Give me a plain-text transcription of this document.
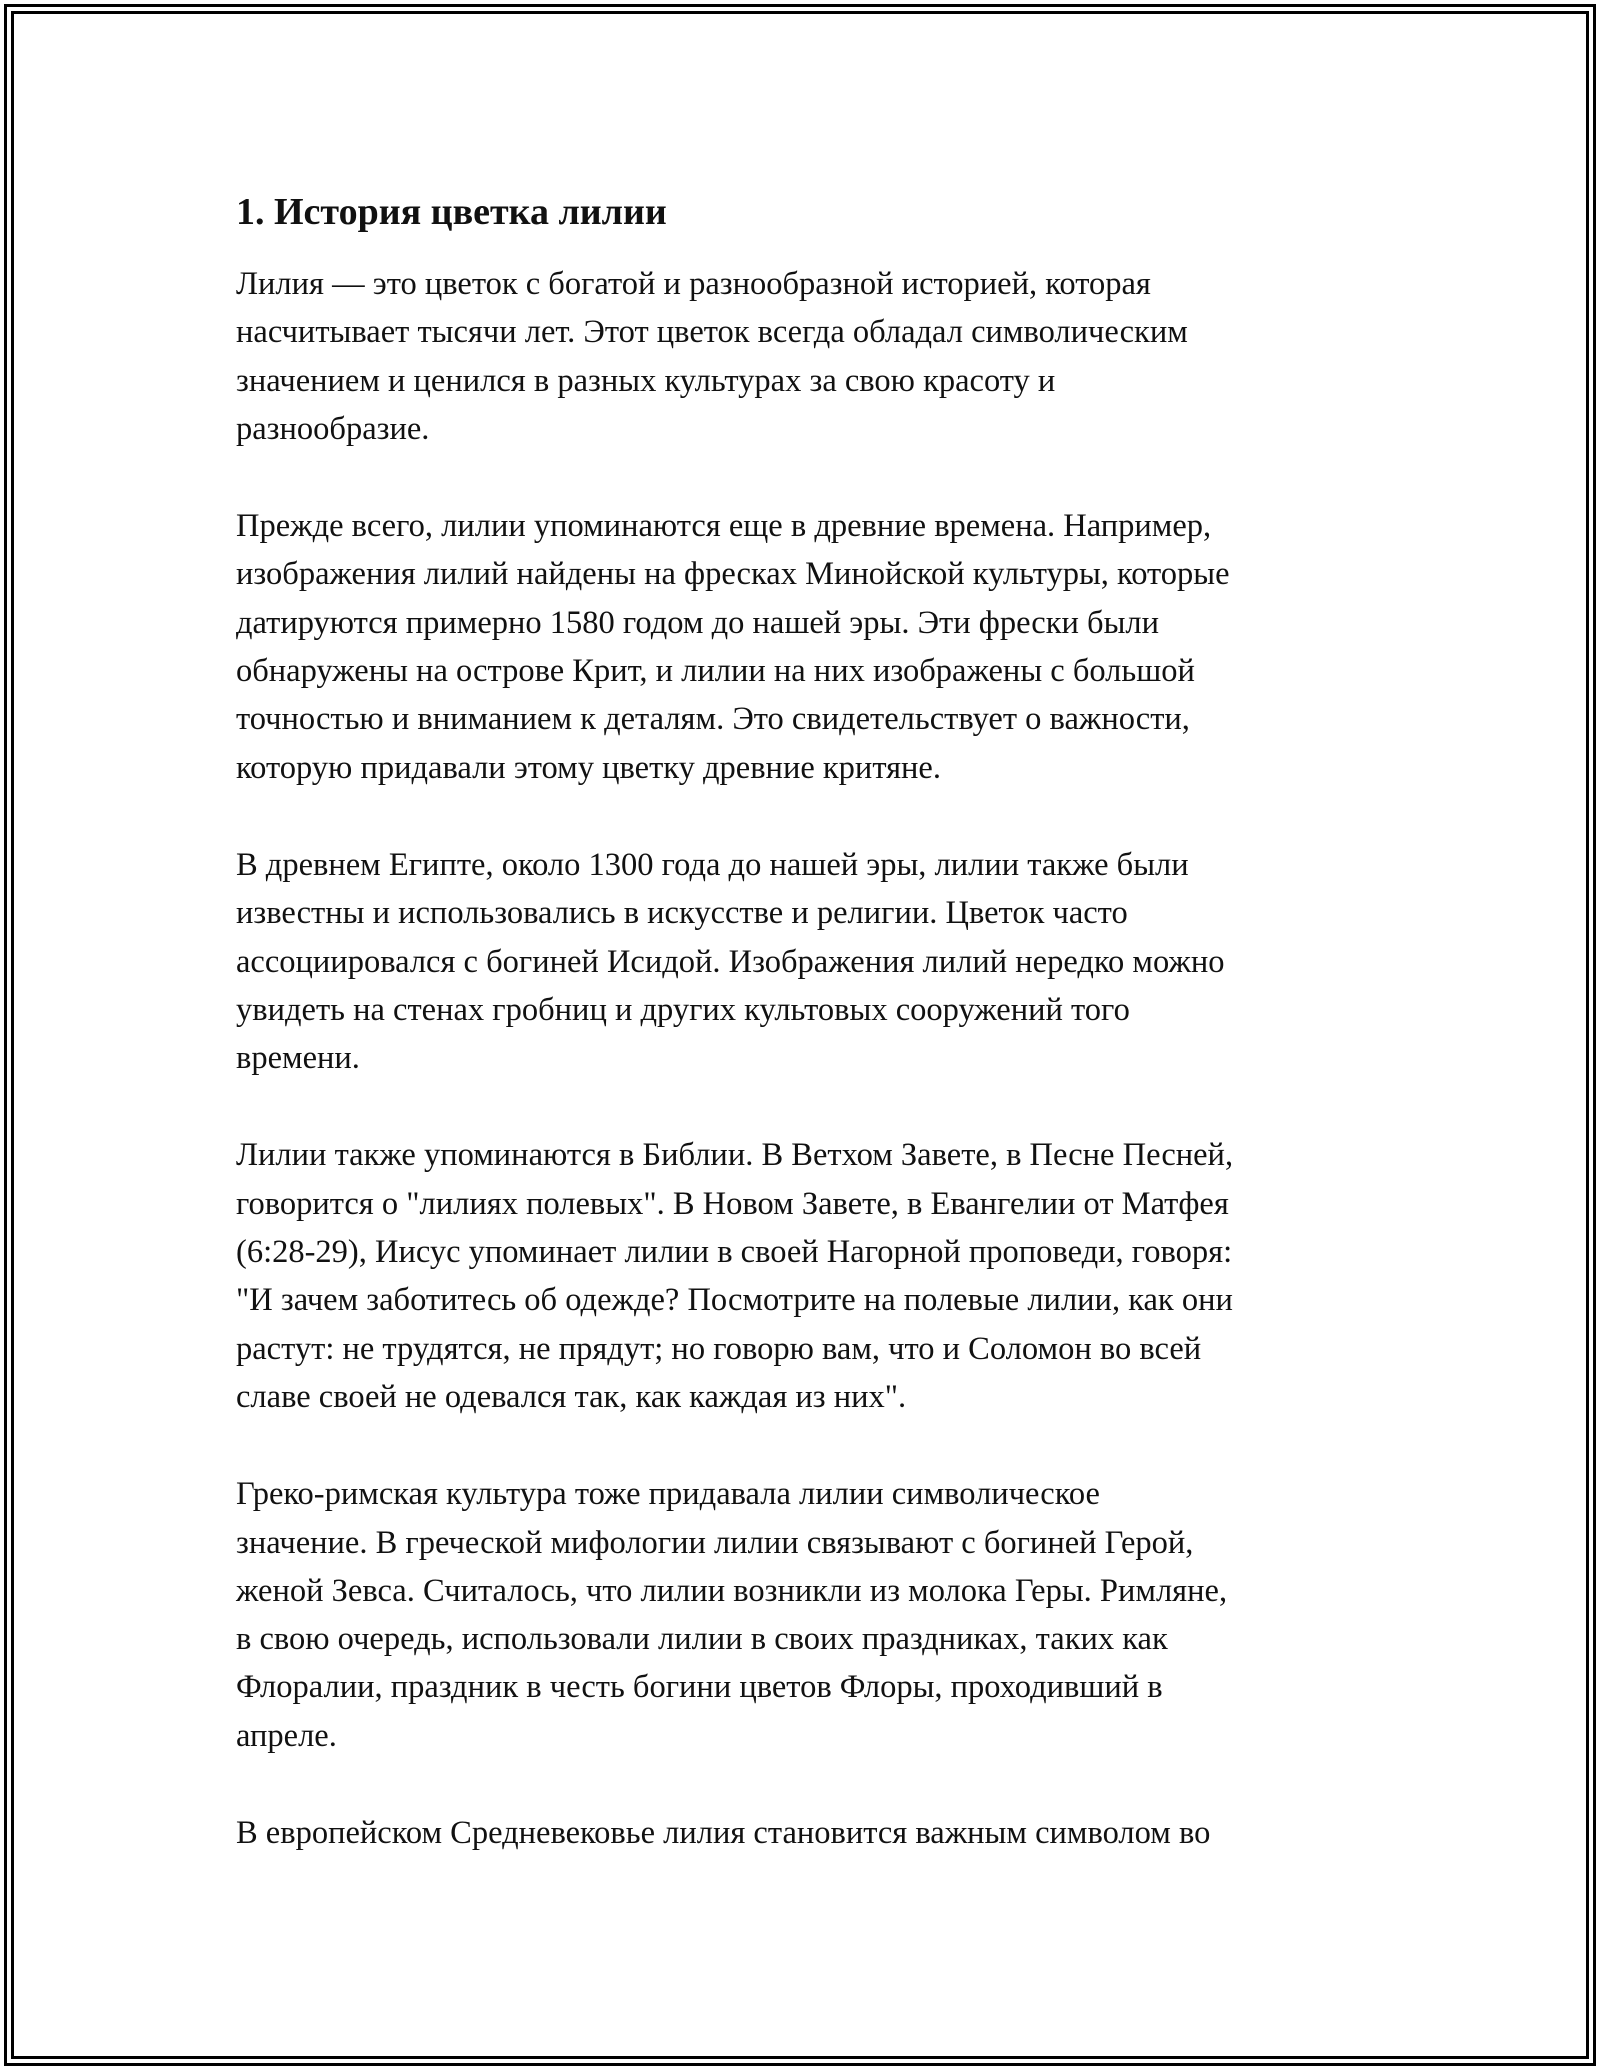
1. История цветка лилии

Лилия — это цветок с богатой и разнообразной историей, которая
насчитывает тысячи лет. Этот цветок всегда обладал символическим
значением и ценился в разных культурах за свою красоту и
разнообразие.

Прежде всего, лилии упоминаются еще в древние времена. Например,
изображения лилий найдены на фресках Минойской культуры, которые
датируются примерно 1580 годом до нашей эры. Эти фрески были
обнаружены на острове Крит, и лилии на них изображены с большой
точностью и вниманием к деталям. Это свидетельствует о важности,
которую придавали этому цветку древние критяне.

В древнем Египте, около 1300 года до нашей эры, лилии также были
известны и использовались в искусстве и религии. Цветок часто
ассоциировался с богиней Исидой. Изображения лилий нередко можно
увидеть на стенах гробниц и других культовых сооружений того
времени.

Лилии также упоминаются в Библии. В Ветхом Завете, в Песне Песней,
говорится о "лилиях полевых". В Новом Завете, в Евангелии от Матфея
(6:28-29), Иисус упоминает лилии в своей Нагорной проповеди, говоря:
"И зачем заботитесь об одежде? Посмотрите на полевые лилии, как они
растут: не трудятся, не прядут; но говорю вам, что и Соломон во всей
славе своей не одевался так, как каждая из них".

Греко-римская культура тоже придавала лилии символическое
значение. В греческой мифологии лилии связывают с богиней Герой,
женой Зевса. Считалось, что лилии возникли из молока Геры. Римляне,
в свою очередь, использовали лилии в своих праздниках, таких как
Флоралии, праздник в честь богини цветов Флоры, проходивший в
апреле.

В европейском Средневековье лилия становится важным символом во
